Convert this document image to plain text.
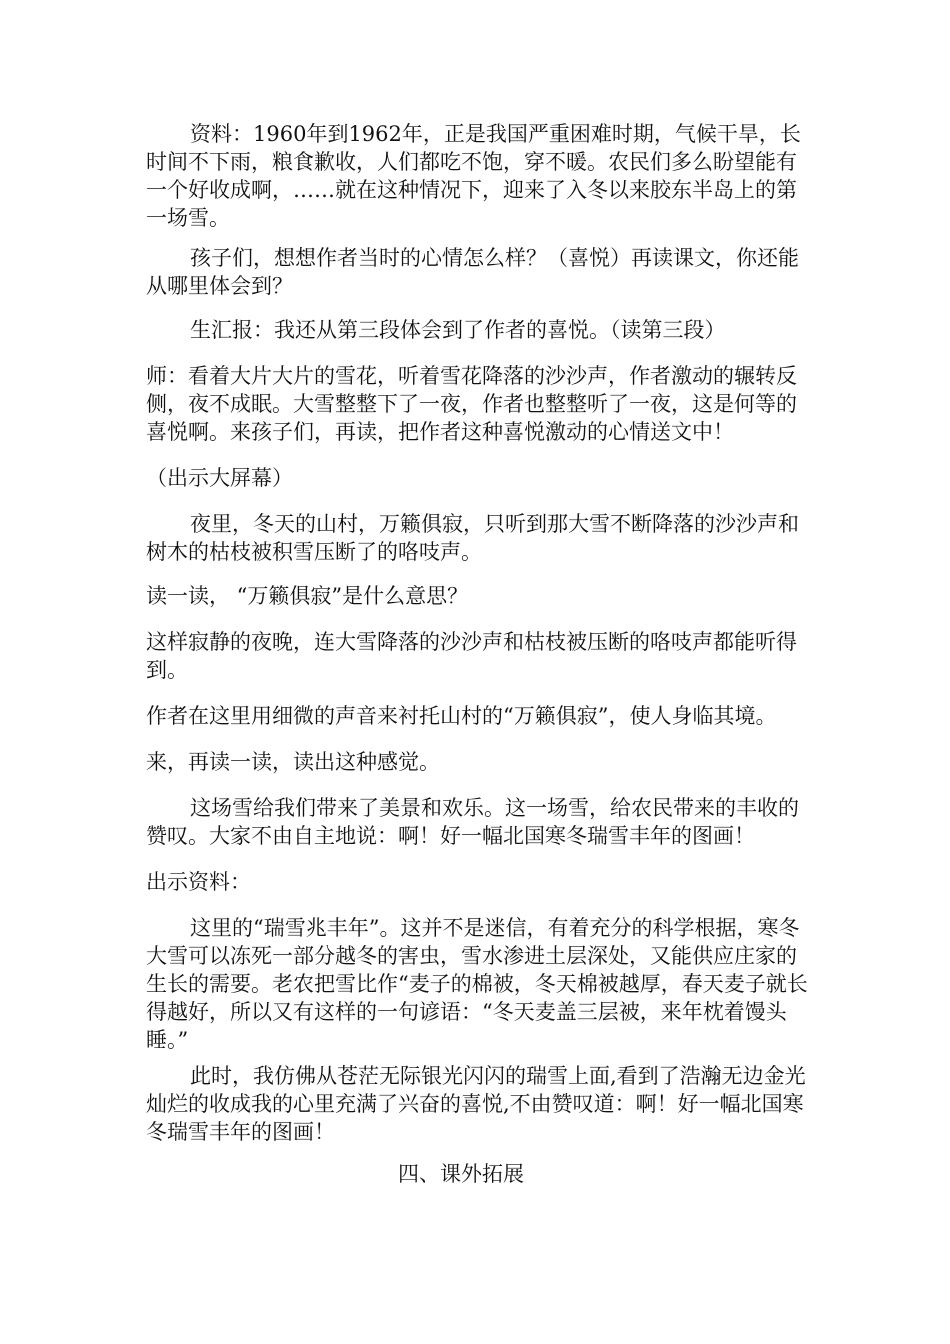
资料：1960年到1962年，正是我国严重困难时期，气候干旱，长时间不下雨，粮食歉收，人们都吃不饱，穿不暖。农民们多么盼望能有一个好收成啊，……就在这种情况下，迎来了入冬以来胶东半岛上的第一场雪。

孩子们，想想作者当时的心情怎么样？（喜悦）再读课文，你还能从哪里体会到？

生汇报：我还从第三段体会到了作者的喜悦。（读第三段）

师：看着大片大片的雪花，听着雪花降落的沙沙声，作者激动的辗转反侧，夜不成眠。大雪整整下了一夜，作者也整整听了一夜，这是何等的喜悦啊。来孩子们，再读，把作者这种喜悦激动的心情送文中！

（出示大屏幕）

夜里，冬天的山村，万籁俱寂，只听到那大雪不断降落的沙沙声和树木的枯枝被积雪压断了的咯吱声。

读一读， “万籁俱寂”是什么意思？

这样寂静的夜晚，连大雪降落的沙沙声和枯枝被压断的咯吱声都能听得到。

作者在这里用细微的声音来衬托山村的“万籁俱寂”，使人身临其境。

来，再读一读，读出这种感觉。

这场雪给我们带来了美景和欢乐。这一场雪，给农民带来的丰收的赞叹。大家不由自主地说：啊！好一幅北国寒冬瑞雪丰年的图画！

出示资料：

这里的“瑞雪兆丰年”。这并不是迷信，有着充分的科学根据，寒冬大雪可以冻死一部分越冬的害虫，雪水渗进土层深处，又能供应庄家的生长的需要。老农把雪比作“麦子的棉被，冬天棉被越厚，春天麦子就长得越好，所以又有这样的一句谚语：“冬天麦盖三层被，来年枕着馒头睡。”

此时，我仿佛从苍茫无际银光闪闪的瑞雪上面,看到了浩瀚无边金光灿烂的收成我的心里充满了兴奋的喜悦,不由赞叹道：啊！好一幅北国寒冬瑞雪丰年的图画！

四、课外拓展
